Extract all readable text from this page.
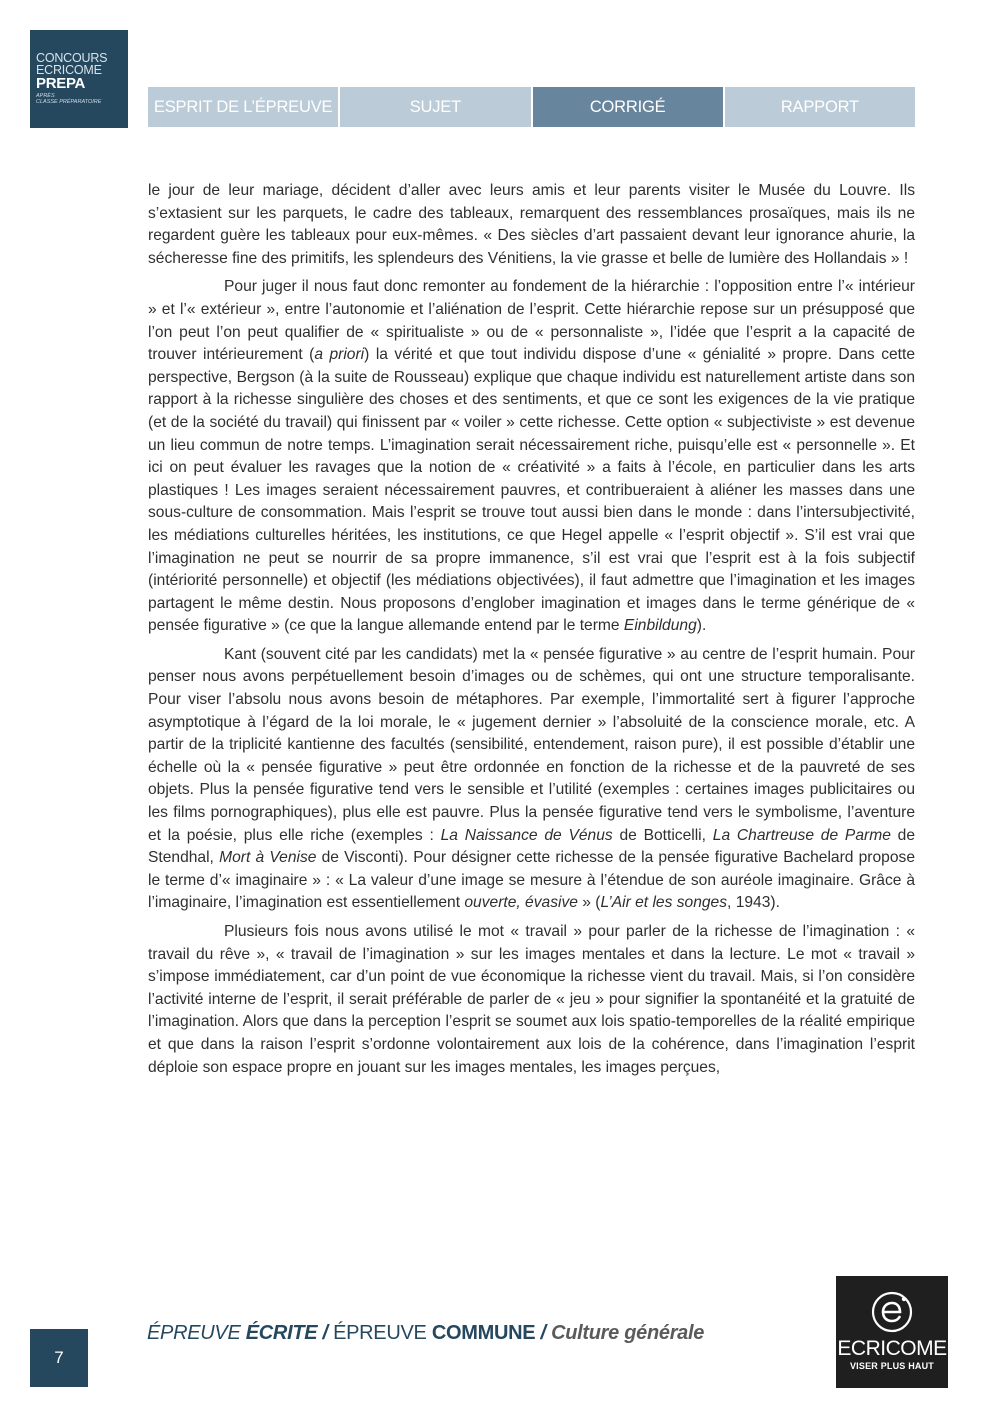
CONCOURS
ECRICOME
PREPA
APRÈS
CLASSE PRÉPARATOIRE	ESPRIT DE L’ÉPREUVE	SUJET	CORRIGÉ	RAPPORT

le jour de leur mariage, décident d’aller avec leurs amis et leur parents visiter le Musée du Louvre. Ils s’extasient sur les parquets, le cadre des tableaux, remarquent des ressemblances prosaïques, mais ils ne regardent guère les tableaux pour eux-mêmes. « Des siècles d’art passaient devant leur ignorance ahurie, la sécheresse fine des primitifs, les splendeurs des Vénitiens, la vie grasse et belle de lumière des Hollandais » !

Pour juger il nous faut donc remonter au fondement de la hiérarchie : l’opposition entre l’« intérieur » et l’« extérieur », entre l’autonomie et l’aliénation de l’esprit. Cette hiérarchie repose sur un présupposé que l’on peut l’on peut qualifier de « spiritualiste » ou de « personnaliste », l’idée que l’esprit a la capacité de trouver intérieurement (a priori) la vérité et que tout individu dispose d’une « génialité » propre. Dans cette perspective, Bergson (à la suite de Rousseau) explique que chaque individu est naturellement artiste dans son rapport à la richesse singulière des choses et des sentiments, et que ce sont les exigences de la vie pratique (et de la société du travail) qui finissent par « voiler » cette richesse. Cette option « subjectiviste » est devenue un lieu commun de notre temps. L’imagination serait nécessairement riche, puisqu’elle est « personnelle ». Et ici on peut évaluer les ravages que la notion de « créativité » a faits à l’école, en particulier dans les arts plastiques ! Les images seraient nécessairement pauvres, et contribueraient à aliéner les masses dans une sous-culture de consommation. Mais l’esprit se trouve tout aussi bien dans le monde : dans l’intersubjectivité, les médiations culturelles héritées, les institutions, ce que Hegel appelle « l’esprit objectif ». S’il est vrai que l’imagination ne peut se nourrir de sa propre immanence, s’il est vrai que l’esprit est à la fois subjectif (intériorité personnelle) et objectif (les médiations objectivées), il faut admettre que l’imagination et les images partagent le même destin. Nous proposons d’englober imagination et images dans le terme générique de « pensée figurative » (ce que la langue allemande entend par le terme Einbildung).

Kant (souvent cité par les candidats) met la « pensée figurative » au centre de l’esprit humain. Pour penser nous avons perpétuellement besoin d’images ou de schèmes, qui ont une structure temporalisante. Pour viser l’absolu nous avons besoin de métaphores. Par exemple, l’immortalité sert à figurer l’approche asymptotique à l’égard de la loi morale, le « jugement dernier » l’absoluité de la conscience morale, etc. A partir de la triplicité kantienne des facultés (sensibilité, entendement, raison pure), il est possible d’établir une échelle où la « pensée figurative » peut être ordonnée en fonction de la richesse et de la pauvreté de ses objets. Plus la pensée figurative tend vers le sensible et l’utilité (exemples : certaines images publicitaires ou les films pornographiques), plus elle est pauvre. Plus la pensée figurative tend vers le symbolisme, l’aventure et la poésie, plus elle riche (exemples : La Naissance de Vénus de Botticelli, La Chartreuse de Parme de Stendhal, Mort à Venise de Visconti). Pour désigner cette richesse de la pensée figurative Bachelard propose le terme d’« imaginaire » : « La valeur d’une image se mesure à l’étendue de son auréole imaginaire. Grâce à l’imaginaire, l’imagination est essentiellement ouverte, évasive » (L’Air et les songes, 1943).

Plusieurs fois nous avons utilisé le mot « travail » pour parler de la richesse de l’imagination : « travail du rêve », « travail de l’imagination » sur les images mentales et dans la lecture. Le mot « travail » s’impose immédiatement, car d’un point de vue économique la richesse vient du travail. Mais, si l’on considère l’activité interne de l’esprit, il serait préférable de parler de « jeu » pour signifier la spontanéité et la gratuité de l’imagination. Alors que dans la perception l’esprit se soumet aux lois spatio-temporelles de la réalité empirique et que dans la raison l’esprit s’ordonne volontairement aux lois de la cohérence, dans l’imagination l’esprit déploie son espace propre en jouant sur les images mentales, les images perçues,

7
ÉPREUVE ÉCRITE / ÉPREUVE COMMUNE / Culture générale
ECRICOME
VISER PLUS HAUT
